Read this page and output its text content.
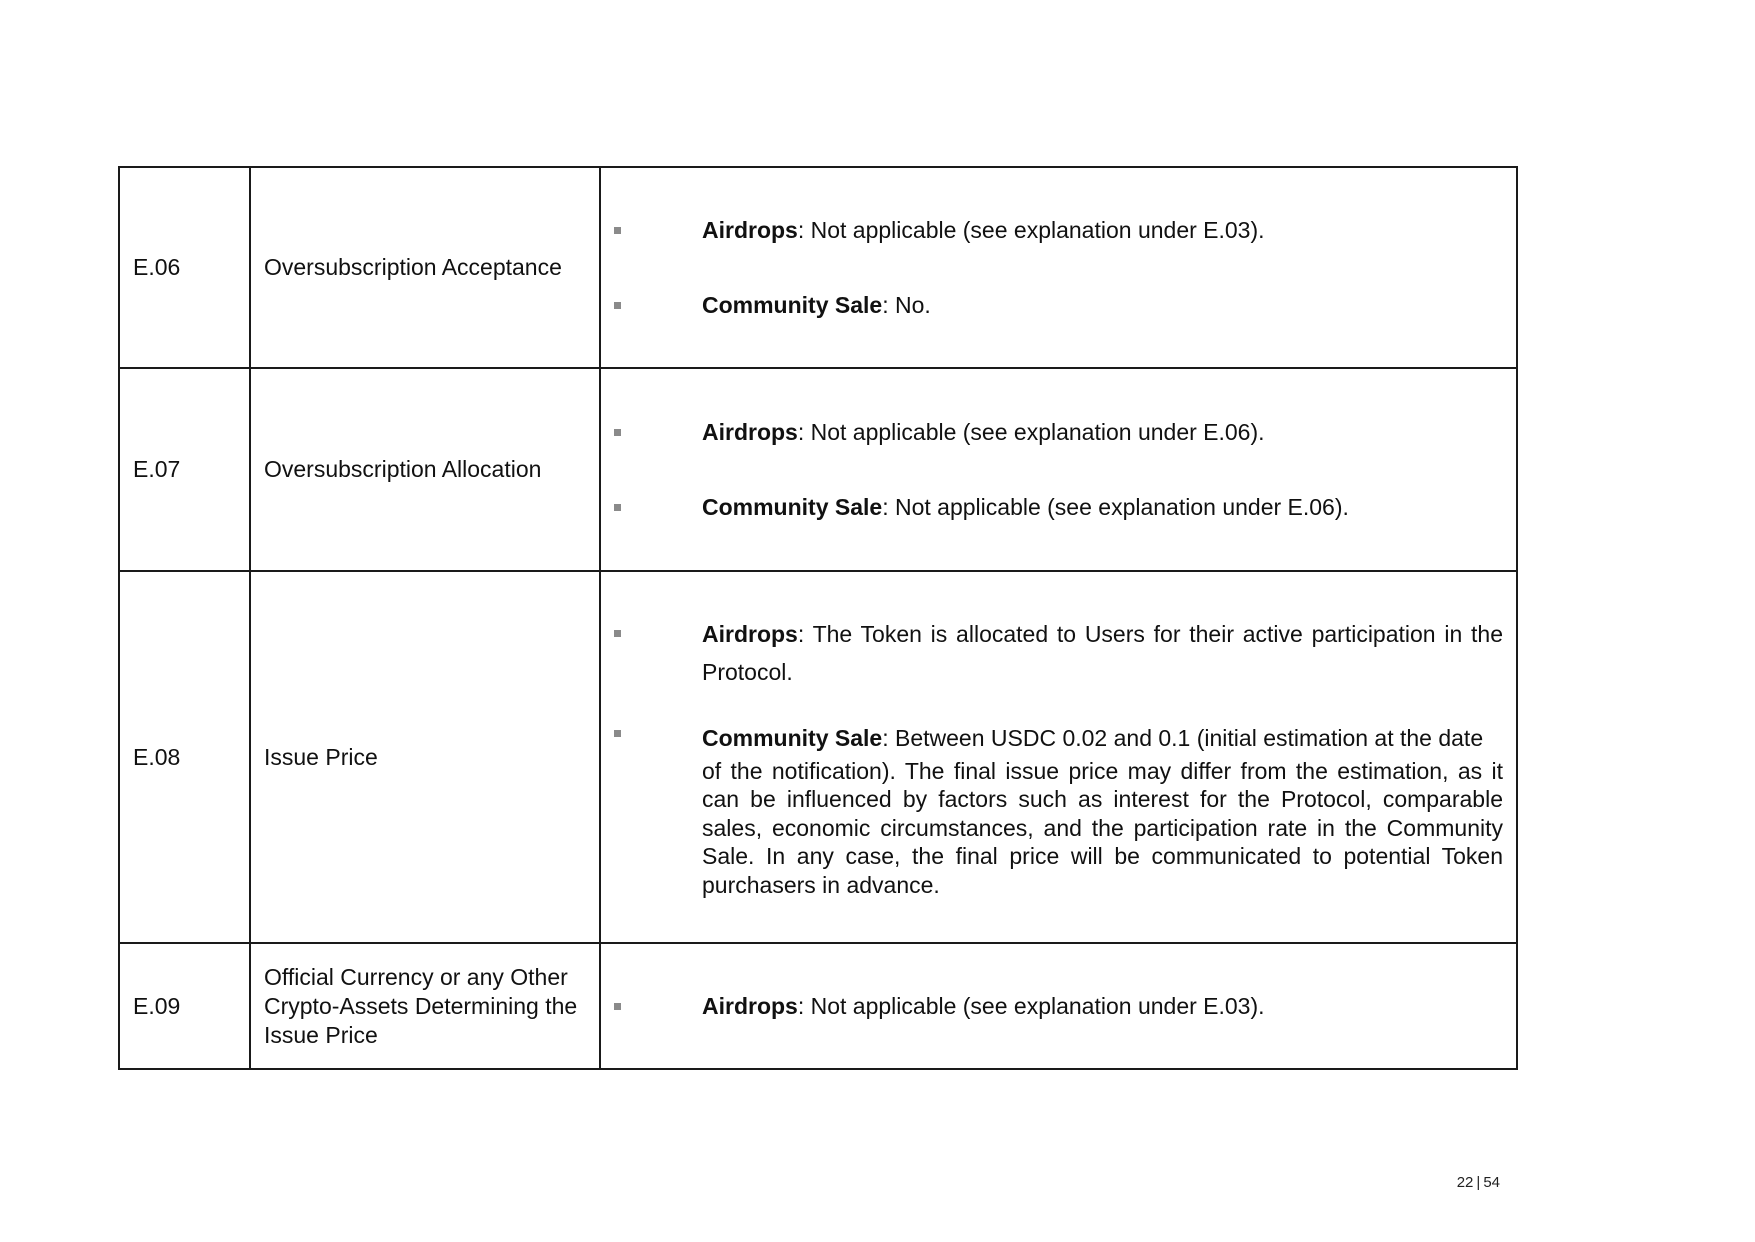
E.06	Oversubscription Acceptance	Airdrops: Not applicable (see explanation under E.03).
Community Sale: No.

E.07	Oversubscription Allocation	Airdrops: Not applicable (see explanation under E.06).
Community Sale: Not applicable (see explanation under E.06).

E.08	Issue Price	Airdrops: The Token is allocated to Users for their active participation in the Protocol.
Community Sale: Between USDC 0.02 and 0.1 (initial estimation at the date
of the notification). The final issue price may differ from the estimation, as it can be influenced by factors such as interest for the Protocol, comparable sales, economic circumstances, and the participation rate in the Community Sale. In any case, the final price will be communicated to potential Token purchasers in advance.

E.09	Official Currency or any Other Crypto-Assets Determining the Issue Price	Airdrops: Not applicable (see explanation under E.03).
22 | 54
